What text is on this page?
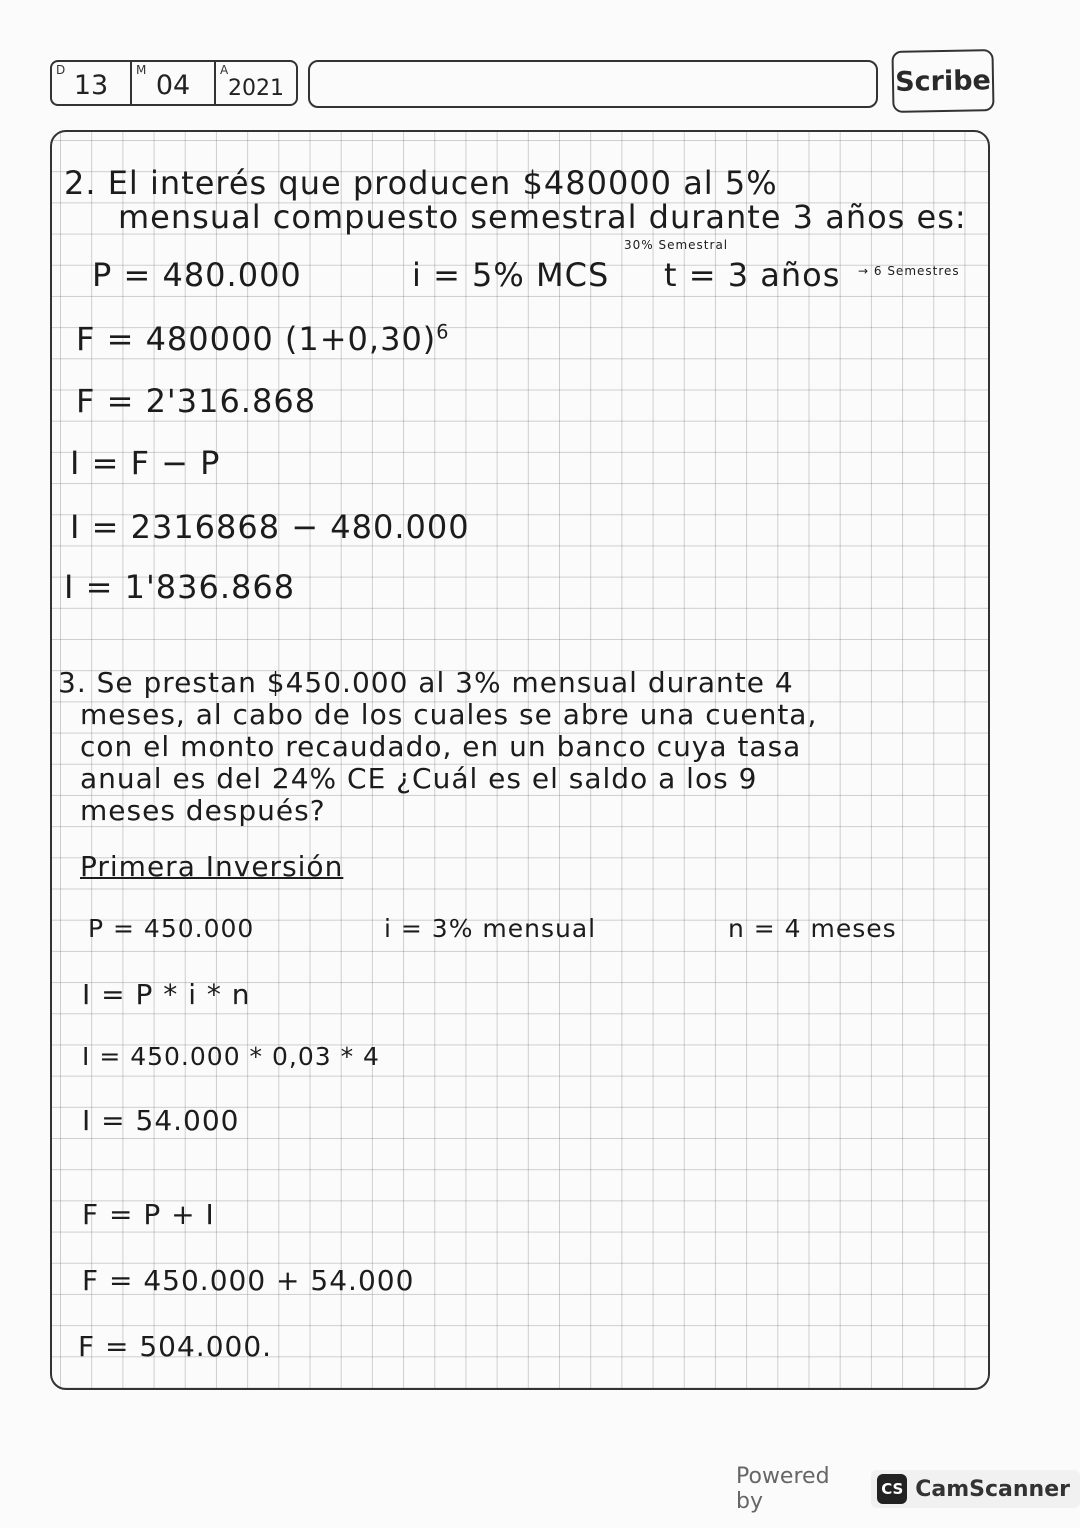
D 13 M 04 A
2021	Scribe
2. El interés que producen $480000 al 5%
mensual compuesto semestral durante 3 años es:
30% Semestral
P = 480.000	i = 5% MCS t = 3 años → 6 Semestres
F = 480000 $(1+0,30)^6$
F = 2'316.868
I = F − P
I = 2316868 − 480.000
I = 1'836.868
3. Se prestan $450.000 al 3% mensual durante 4
meses, al cabo de los cuales se abre una cuenta,
con el monto recaudado, en un banco cuya tasa
anual es del 24% CE ¿Cuál es el saldo a los 9
meses después?
Primera Inversión
P = 450.000	i = 3% mensual	n = 4 meses
I = P * i * n
I = 450.000 * 0,03 * 4
I = 54.000
F = P + I
F = 450.000 + 54.000
F = 504.000.
Powered by	CS CamScanner
